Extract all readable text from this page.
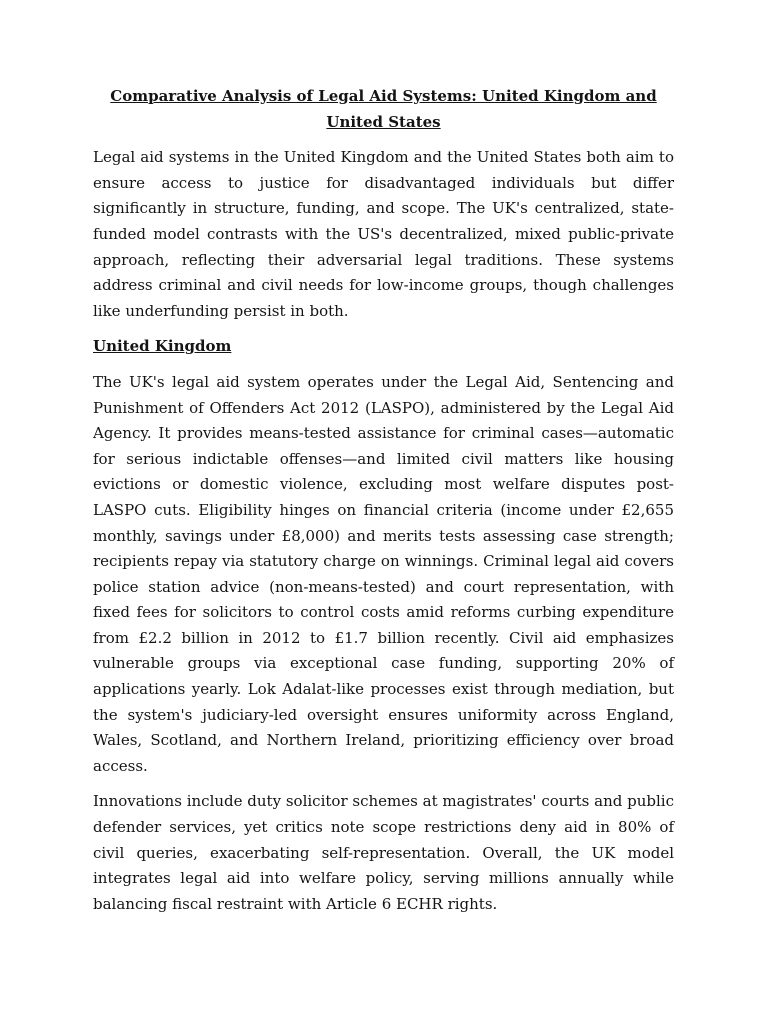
Comparative Analysis of Legal Aid Systems: United Kingdom and United States

Legal aid systems in the United Kingdom and the United States both aim to ensure access to justice for disadvantaged individuals but differ significantly in structure, funding, and scope. The UK's centralized, state-funded model contrasts with the US's decentralized, mixed public-private approach, reflecting their adversarial legal traditions. These systems address criminal and civil needs for low-income groups, though challenges like underfunding persist in both.

United Kingdom

The UK's legal aid system operates under the Legal Aid, Sentencing and Punishment of Offenders Act 2012 (LASPO), administered by the Legal Aid Agency. It provides means-tested assistance for criminal cases—automatic for serious indictable offenses—and limited civil matters like housing evictions or domestic violence, excluding most welfare disputes post-LASPO cuts. Eligibility hinges on financial criteria (income under £2,655 monthly, savings under £8,000) and merits tests assessing case strength; recipients repay via statutory charge on winnings. Criminal legal aid covers police station advice (non-means-tested) and court representation, with fixed fees for solicitors to control costs amid reforms curbing expenditure from £2.2 billion in 2012 to £1.7 billion recently. Civil aid emphasizes vulnerable groups via exceptional case funding, supporting 20% of applications yearly. Lok Adalat-like processes exist through mediation, but the system's judiciary-led oversight ensures uniformity across England, Wales, Scotland, and Northern Ireland, prioritizing efficiency over broad access.

Innovations include duty solicitor schemes at magistrates' courts and public defender services, yet critics note scope restrictions deny aid in 80% of civil queries, exacerbating self-representation. Overall, the UK model integrates legal aid into welfare policy, serving millions annually while balancing fiscal restraint with Article 6 ECHR rights.
